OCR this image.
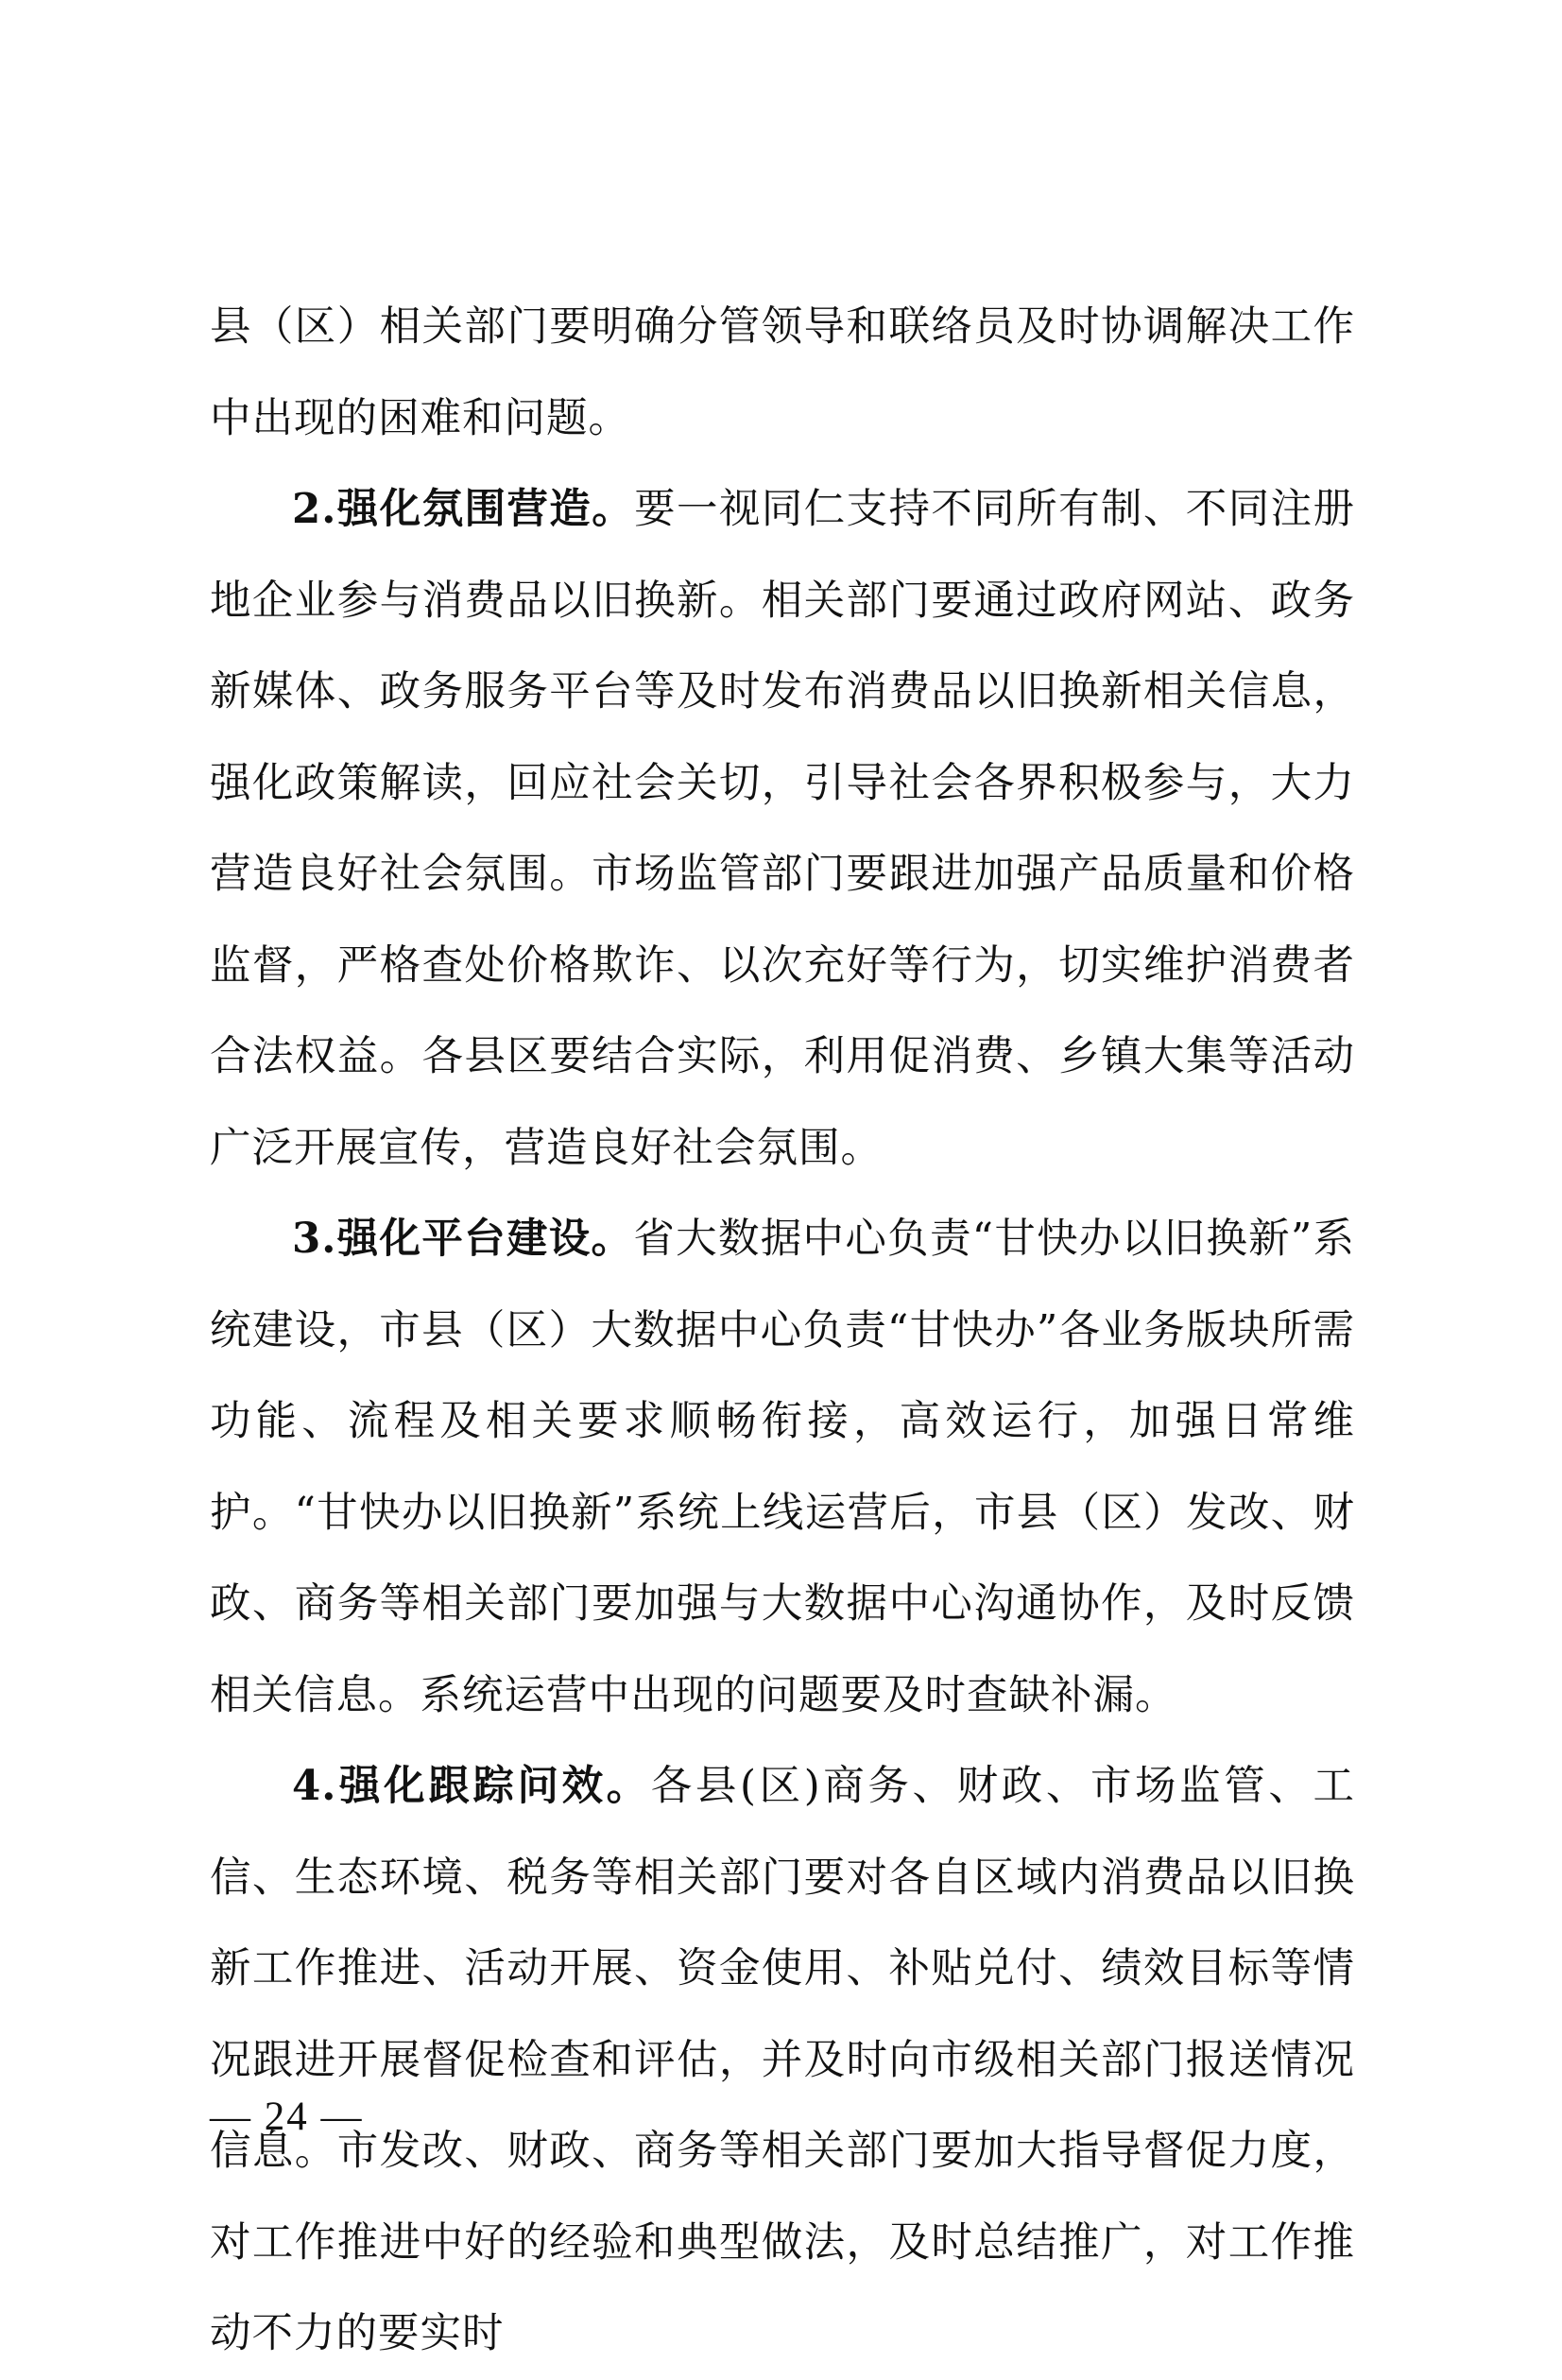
县（区）相关部门要明确分管领导和联络员及时协调解决工作中出现的困难和问题。

2.强化氛围营造。要一视同仁支持不同所有制、不同注册地企业参与消费品以旧换新。相关部门要通过政府网站、政务新媒体、政务服务平台等及时发布消费品以旧换新相关信息，强化政策解读，回应社会关切，引导社会各界积极参与，大力营造良好社会氛围。市场监管部门要跟进加强产品质量和价格监督，严格查处价格欺诈、以次充好等行为，切实维护消费者合法权益。各县区要结合实际，利用促消费、乡镇大集等活动广泛开展宣传，营造良好社会氛围。

3.强化平台建设。省大数据中心负责“甘快办以旧换新”系统建设，市县（区）大数据中心负责“甘快办”各业务版块所需功能、流程及相关要求顺畅衔接，高效运行，加强日常维护。“甘快办以旧换新”系统上线运营后，市县（区）发改、财政、商务等相关部门要加强与大数据中心沟通协作，及时反馈相关信息。系统运营中出现的问题要及时查缺补漏。

4.强化跟踪问效。各县(区)商务、财政、市场监管、工信、生态环境、税务等相关部门要对各自区域内消费品以旧换新工作推进、活动开展、资金使用、补贴兑付、绩效目标等情况跟进开展督促检查和评估，并及时向市级相关部门报送情况信息。市发改、财政、商务等相关部门要加大指导督促力度，对工作推进中好的经验和典型做法，及时总结推广，对工作推动不力的要实时

— 24 —
